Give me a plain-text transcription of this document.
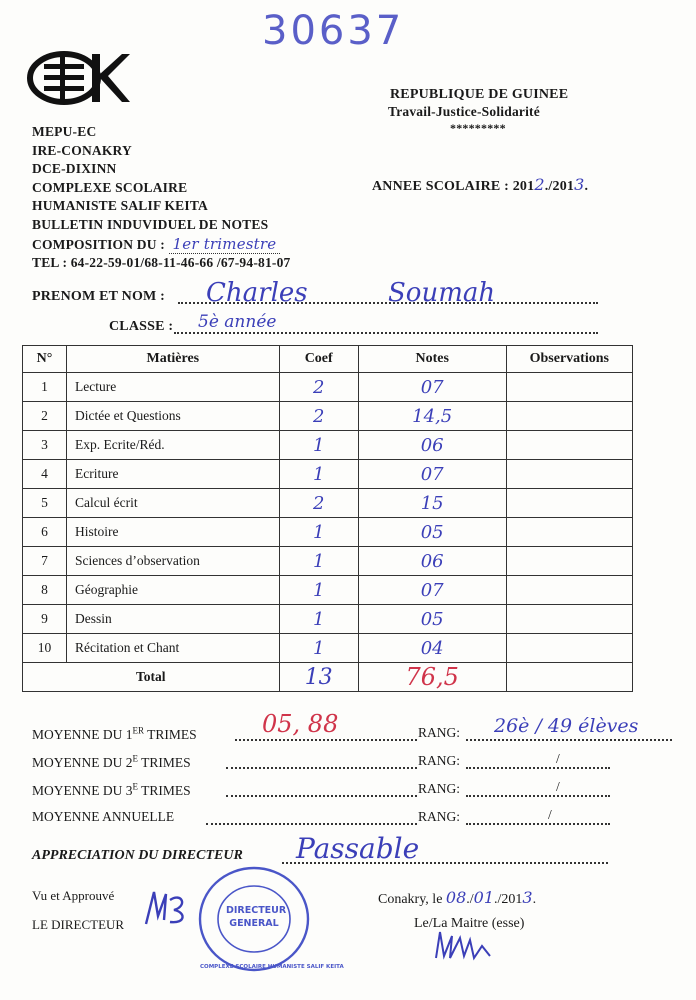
30637
MEPU-EC
IRE-CONAKRY
DCE-DIXINN
COMPLEXE SCOLAIRE
HUMANISTE SALIF KEITA
BULLETIN INDUVIDUEL DE NOTES
COMPOSITION DU : 1er trimestre
TEL : 64-22-59-01/68-11-46-66 /67-94-81-07
REPUBLIQUE DE GUINEE
Travail-Justice-Solidarité
*********
ANNEE SCOLAIRE : 2012./2013.
PRENOM ET NOM :	Charles	Soumah
CLASSE : 5è année
N°	Matières	Coef	Notes	Observations
1	Lecture	2	07	
2	Dictée et Questions	2	14,5	
3	Exp. Ecrite/Réd.	1	06	
4	Ecriture	1	07	
5	Calcul écrit	2	15	
6	Histoire	1	05	
7	Sciences d’observation	1	06	
8	Géographie	1	07	
9	Dessin	1	05	
10	Récitation et Chant	1	04	
Total		13	76,5	
MOYENNE DU 1ER TRIMES	05, 88	RANG: 26è / 49 élèves
MOYENNE DU $2^E$ TRIMES	RANG:	/
MOYENNE DU $3^E$ TRIMES	RANG:	/
MOYENNE ANNUELLE	RANG:	/
APPRECIATION DU DIRECTEUR Passable
Vu et Approuvé
LE DIRECTEUR
DIRECTEUR GENERAL
COMPLEXE SCOLAIRE HUMANISTE SALIF KEITA
Conakry, le 08./01./2013.
Le/La Maitre (esse)
